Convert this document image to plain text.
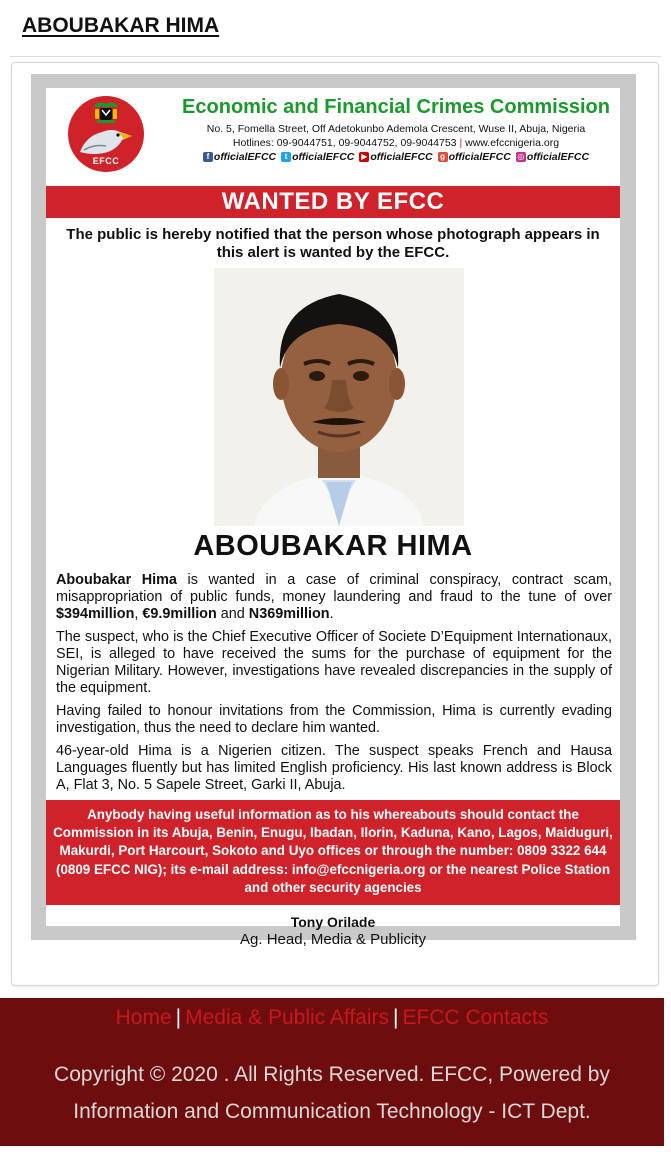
ABOUBAKAR HIMA
EFCC
Economic and Financial Crimes Commission
No. 5, Fomella Street, Off Adetokunbo Ademola Crescent, Wuse II, Abuja, Nigeria
Hotlines: 09-9044751, 09-9044752, 09-9044753 | www.efccnigeria.org
f officialEFCC	t officialEFCC ▶ officialEFCC g officialEFCC ◎ officialEFCC
WANTED BY EFCC
The public is hereby notified that the person whose photograph appears in this alert is wanted by the EFCC.
ABOUBAKAR HIMA

Aboubakar Hima is wanted in a case of criminal conspiracy, contract scam, misappropriation of public funds, money laundering and fraud to the tune of over $394million, €9.9million and N369million.

The suspect, who is the Chief Executive Officer of Societe D’Equipment Internationaux, SEI, is alleged to have received the sums for the purchase of equipment for the Nigerian Military. However, investigations have revealed discrepancies in the supply of the equipment.

Having failed to honour invitations from the Commission, Hima is currently evading investigation, thus the need to declare him wanted.

46-year-old Hima is a Nigerien citizen. The suspect speaks French and Hausa Languages fluently but has limited English proficiency. His last known address is Block A, Flat 3, No. 5 Sapele Street, Garki II, Abuja.

Anybody having useful information as to his whereabouts should contact the Commission in its Abuja, Benin, Enugu, Ibadan, Ilorin, Kaduna, Kano, Lagos, Maiduguri, Makurdi, Port Harcourt, Sokoto and Uyo offices or through the number: 0809 3322 644 (0809 EFCC NIG); its e-mail address: info@efccnigeria.org or the nearest Police Station and other security agencies
Tony Orilade
Ag. Head, Media & Publicity
Home | Media & Public Affairs | EFCC Contacts
Copyright © 2020 . All Rights Reserved. EFCC, Powered by Information and Communication Technology - ICT Dept.
